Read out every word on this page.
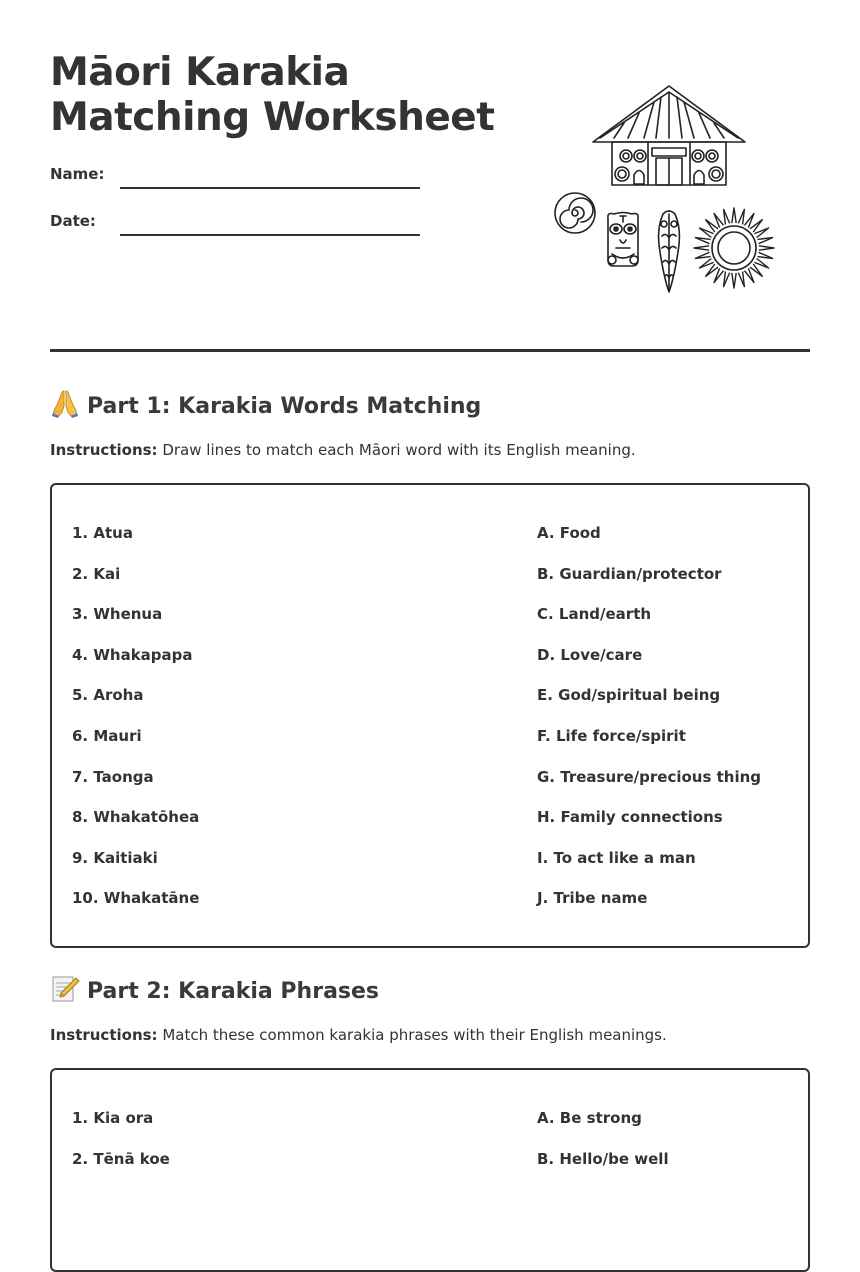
Māori Karakia Matching Worksheet
Name:
Date:
Part 1: Karakia Words Matching
Instructions: Draw lines to match each Māori word with its English meaning.
1. Atua
2. Kai
3. Whenua
4. Whakapapa
5. Aroha
6. Mauri
7. Taonga
8. Whakatōhea
9. Kaitiaki
10. Whakatāne
A. Food
B. Guardian/protector
C. Land/earth
D. Love/care
E. God/spiritual being
F. Life force/spirit
G. Treasure/precious thing
H. Family connections
I. To act like a man
J. Tribe name
Part 2: Karakia Phrases
Instructions: Match these common karakia phrases with their English meanings.
1. Kia ora
2. Tēnā koe
A. Be strong
B. Hello/be well
